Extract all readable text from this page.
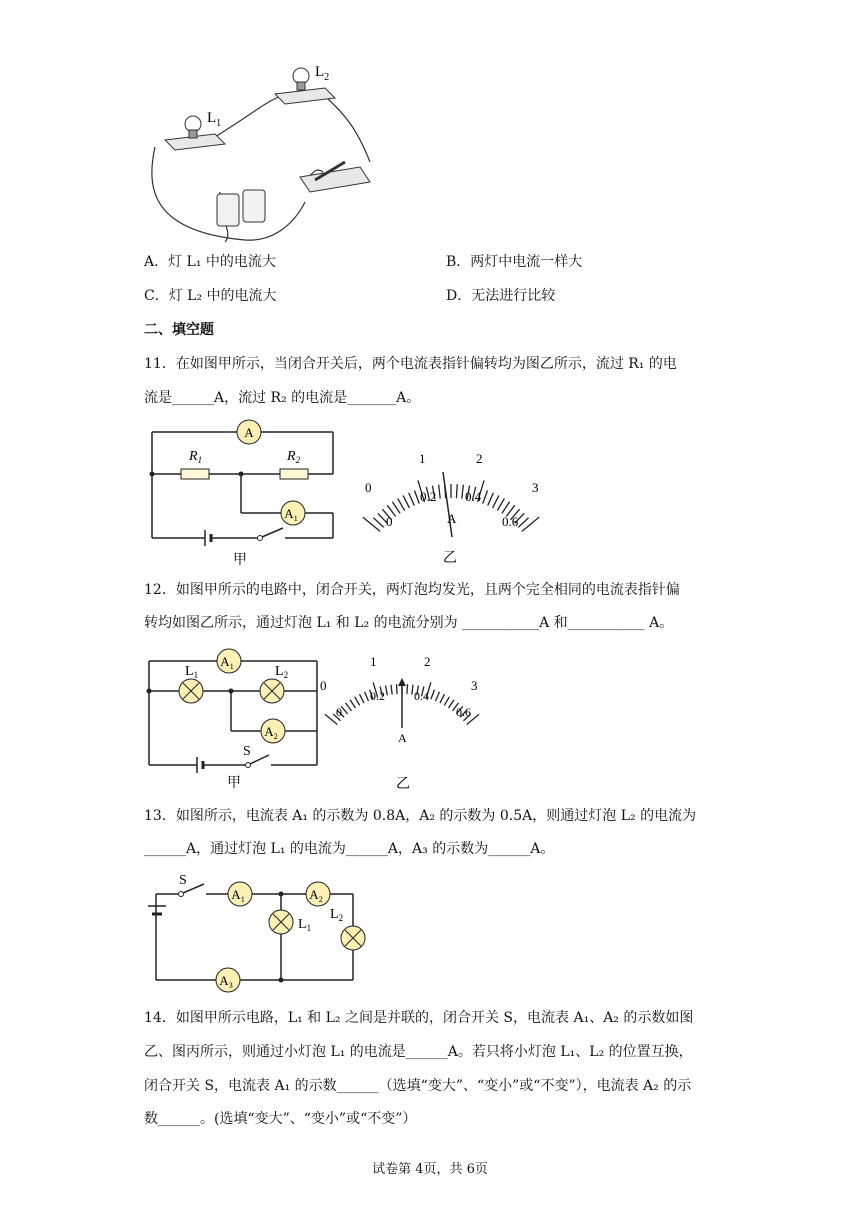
$L_1$
$L_2$
A．灯 L₁ 中的电流大	B．两灯中电流一样大
C．灯 L₂ 中的电流大	D．无法进行比较
二、填空题
11．在如图甲所示，当闭合开关后，两个电流表指针偏转均为图乙所示，流过 R₁ 的电
流是______A，流过 R₂ 的电流是_______A。
A
$A_1$
$R_1$	$R_2$
甲
0
1	2
3
0
0.2 0.4
0.6
A
乙
12．如图甲所示的电路中，闭合开关，两灯泡均发光，且两个完全相同的电流表指针偏
转均如图乙所示，通过灯泡 L₁ 和 L₂ 的电流分别为 ___________A 和___________ A。
$A_1$
$A_2$
$L_1$	$L_2$
S
甲
0
1	2
3
0
0.2 0.4
0.6
A
乙
13．如图所示，电流表 A₁ 的示数为 0.8A，A₂ 的示数为 0.5A，则通过灯泡 L₂ 的电流为
______A，通过灯泡 L₁ 的电流为______A，A₃ 的示数为______A。
$A_1$	$A_2$
$A_3$
S
$L_1$
$L_2$
14．如图甲所示电路，L₁ 和 L₂ 之间是并联的，闭合开关 S，电流表 A₁、A₂ 的示数如图
乙、图丙所示，则通过小灯泡 L₁ 的电流是______A。若只将小灯泡 L₁、L₂ 的位置互换，
闭合开关 S，电流表 A₁ 的示数______（选填“变大”、“变小”或“不变”），电流表 A₂ 的示
数______。(选填“变大”、“变小”或“不变”）
试卷第 4页，共 6页
